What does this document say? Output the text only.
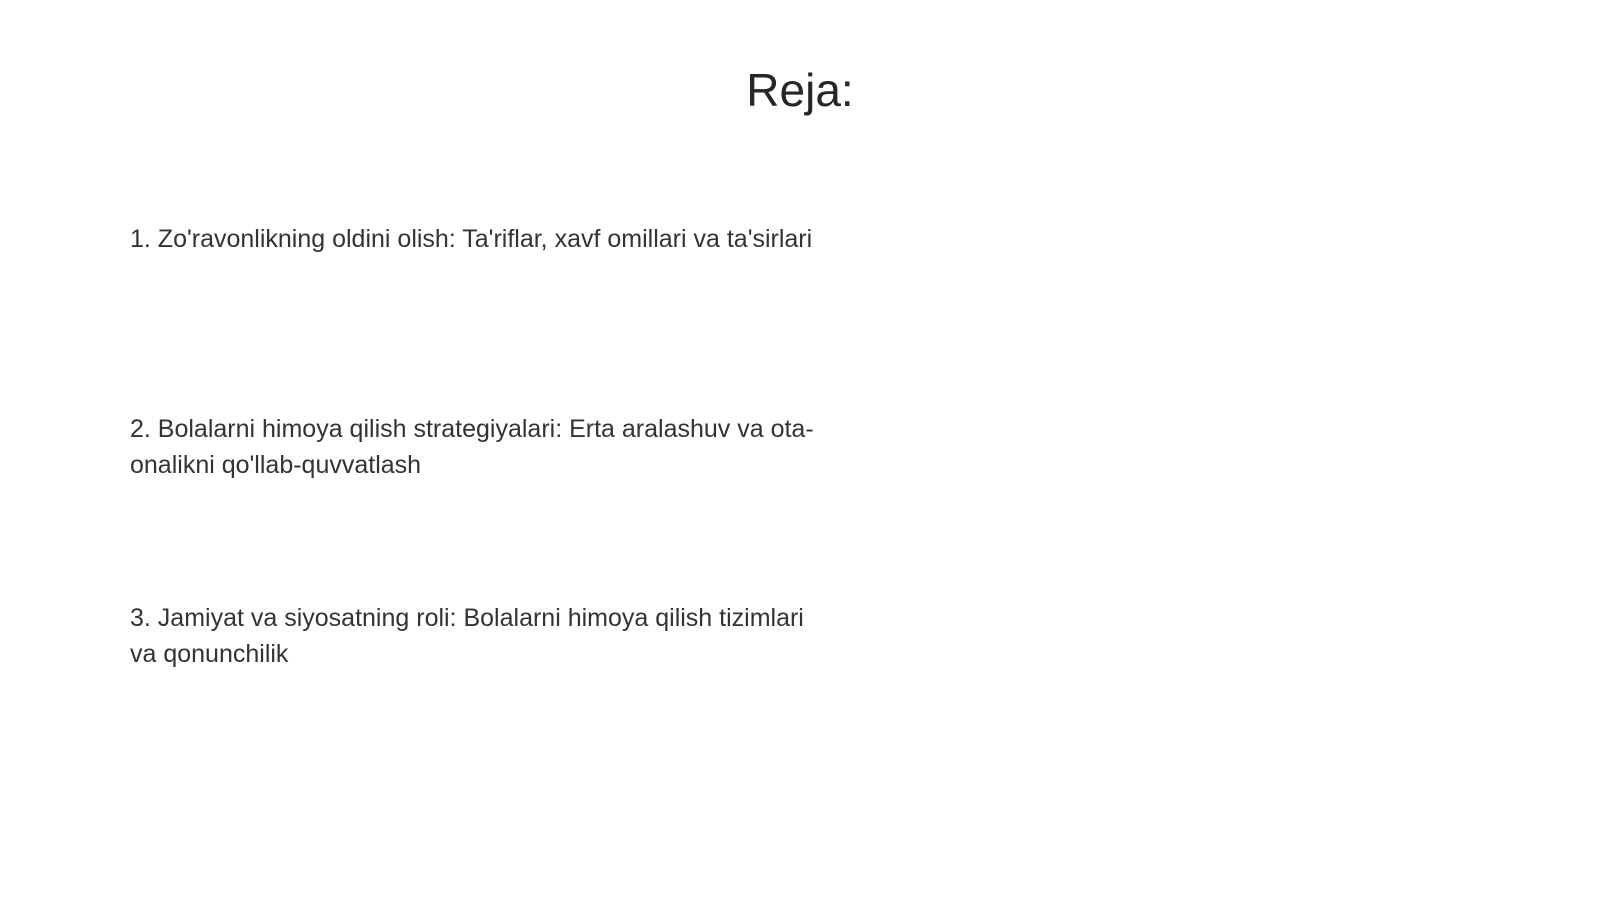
Reja:

1. Zo'ravonlikning oldini olish: Ta'riflar, xavf omillari va ta'sirlari

2. Bolalarni himoya qilish strategiyalari: Erta aralashuv va ota-onalikni qo'llab-quvvatlash

3. Jamiyat va siyosatning roli: Bolalarni himoya qilish tizimlari va qonunchilik
